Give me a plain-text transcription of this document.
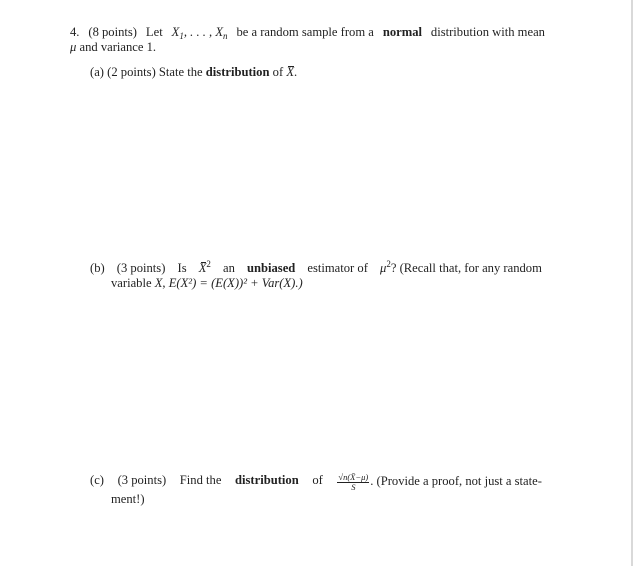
4. (8 points) Let $X_1$, . . . , $X_n$ be a random sample from a normal distribution with mean
μ and variance 1.
(a) (2 points) State the distribution of X.
(b) (3 points) Is $X^2$ an unbiased estimator of $\mu^2$? (Recall that, for any random
variable X, E(X²) = (E(X))² + Var(X).)
(c) (3 points) Find the distribution of $\frac{√n(X̄-\mu)}{S}$ . (Provide a proof, not just a state-
ment!)
